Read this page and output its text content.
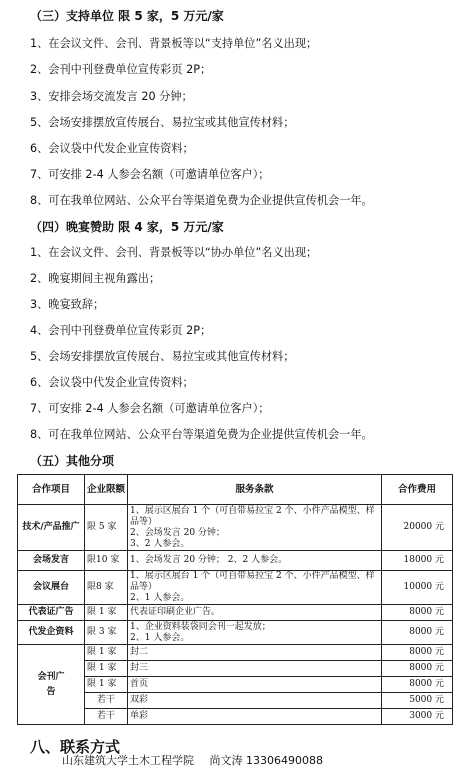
（三）支持单位 限 5 家，5 万元/家
1、在会议文件、会刊、背景板等以“支持单位”名义出现；
2、会刊中刊登费单位宣传彩页 2P；
3、安排会场交流发言 20 分钟；
5、会场安排摆放宣传展台、易拉宝或其他宣传材料；
6、会议袋中代发企业宣传资料；
7、可安排 2-4 人参会名额（可邀请单位客户）；
8、可在我单位网站、公众平台等渠道免费为企业提供宣传机会一年。
（四）晚宴赞助 限 4 家，5 万元/家
1、在会议文件、会刊、背景板等以“协办单位”名义出现；
2、晚宴期间主视角露出；
3、晚宴致辞；
4、会刊中刊登费单位宣传彩页 2P；
5、会场安排摆放宣传展台、易拉宝或其他宣传材料；
6、会议袋中代发企业宣传资料；
7、可安排 2-4 人参会名额（可邀请单位客户）；
8、可在我单位网站、公众平台等渠道免费为企业提供宣传机会一年。
（五）其他分项
合作项目	企业限额	服务条款	合作费用
技术/产品推广	限 5 家	1、展示区展台 1 个（可自带易拉宝 2 个、小件产品模型、样品等）
2、会场发言 20 分钟；
3、2 人参会。	20000 元
会场发言	限10 家	1、会场发言 20 分钟； 2、2 人参会。	18000 元
会议展台	限8 家	1、展示区展台 1 个（可自带易拉宝 2 个、小件产品模型、样品等）
2、1 人参会。	10000 元
代表证广告	限 1 家	代表证印刷企业广告。	8000 元
代发企资料	限 3 家	1、企业资料装袋同会刊一起发放；
2、1 人参会。	8000 元

会刊广告	限 1 家	封二	8000 元
	限 1 家	封三	8000 元
	限 1 家	首页	8000 元
	若干	双彩	5000 元
	若干	单彩	3000 元
八、联系方式
山东建筑大学土木工程学院 尚文涛 13306490088
